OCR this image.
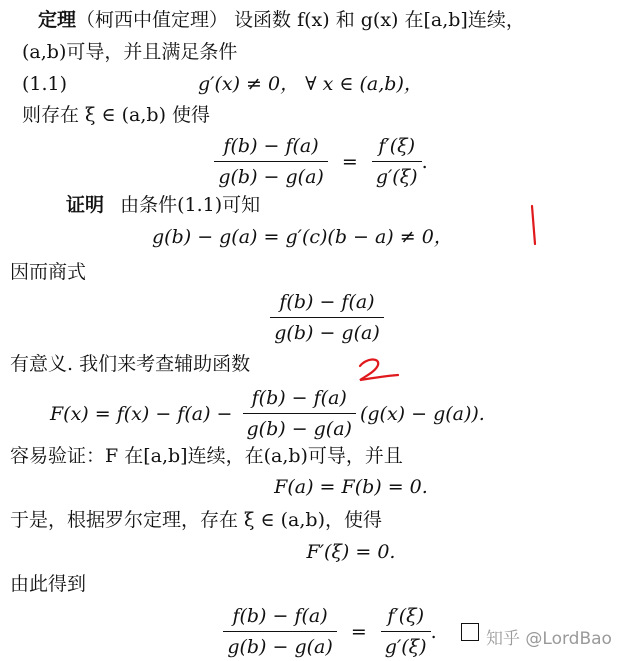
定理（柯西中值定理） 设函数 f(x) 和 g(x) 在[a,b]连续，
(a,b)可导，并且满足条件
(1.1)	g′(x) ≠ 0， ∀ x ∈ (a,b)，
则存在 ξ ∈ (a,b) 使得
$\frac{f(b) - f(a)}{g(b) - g(a)} = \frac{f'(\xi)}{g'(\xi)}$ .
证明 由条件(1.1)可知
g(b) − g(a) = g′(c)(b − a) ≠ 0，
因而商式
$\frac{f(b) - f(a)}{g(b) - g(a)}$
有意义. 我们来考查辅助函数
$F(x) = f(x) - f(a) - \frac{f(b) - f(a)}{g(b) - g(a)} (g(x) - g(a))$.
容易验证：F 在[a,b]连续，在(a,b)可导，并且
F(a) = F(b) = 0.
于是，根据罗尔定理，存在 ξ ∈ (a,b)，使得
F′(ξ) = 0.
由此得到
$\frac{f(b) - f(a)}{g(b) - g(a)} = \frac{f'(\xi)}{g'(\xi)}$ .	知乎 @LordBao
